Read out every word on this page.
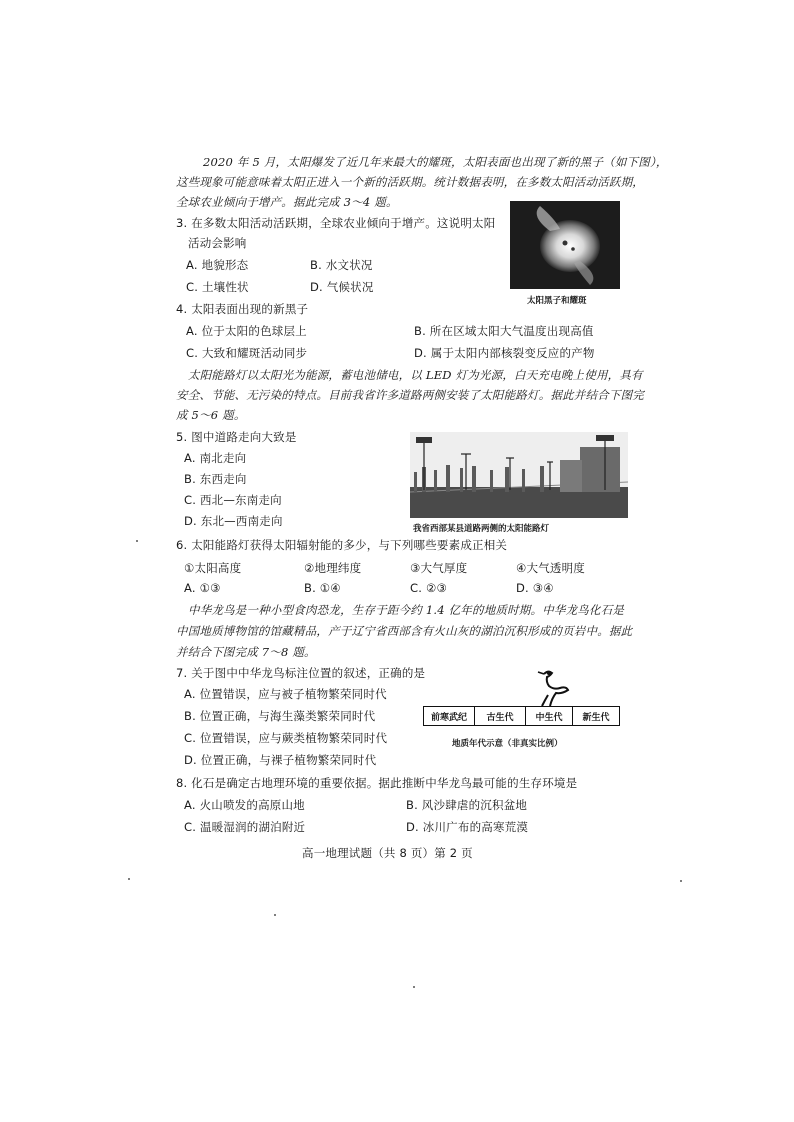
2020 年 5 月，太阳爆发了近几年来最大的耀斑，太阳表面也出现了新的黑子（如下图），
这些现象可能意味着太阳正进入一个新的活跃期。统计数据表明，在多数太阳活动活跃期，
全球农业倾向于增产。据此完成 3～4 题。
3. 在多数太阳活动活跃期，全球农业倾向于增产。这说明太阳
活动会影响
A. 地貌形态	B. 水文状况
C. 土壤性状	D. 气候状况
太阳黑子和耀斑
4. 太阳表面出现的新黑子
A. 位于太阳的色球层上	B. 所在区域太阳大气温度出现高值
C. 大致和耀斑活动同步	D. 属于太阳内部核裂变反应的产物
太阳能路灯以太阳光为能源，蓄电池储电，以 LED 灯为光源，白天充电晚上使用，具有
安全、节能、无污染的特点。目前我省许多道路两侧安装了太阳能路灯。据此并结合下图完
成 5～6 题。
5. 图中道路走向大致是
A. 南北走向
B. 东西走向
C. 西北—东南走向
D. 东北—西南走向
我省西部某县道路两侧的太阳能路灯
6. 太阳能路灯获得太阳辐射能的多少，与下列哪些要素成正相关
①太阳高度	②地理纬度	③大气厚度	④大气透明度
A. ①③	B. ①④	C. ②③	D. ③④
中华龙鸟是一种小型食肉恐龙，生存于距今约 1.4 亿年的地质时期。中华龙鸟化石是
中国地质博物馆的馆藏精品，产于辽宁省西部含有火山灰的湖泊沉积形成的页岩中。据此
并结合下图完成 7～8 题。
7. 关于图中中华龙鸟标注位置的叙述，正确的是
A. 位置错误，应与被子植物繁荣同时代
B. 位置正确，与海生藻类繁荣同时代
C. 位置错误，应与蕨类植物繁荣同时代
D. 位置正确，与裸子植物繁荣同时代
前寒武纪	古生代	中生代	新生代
地质年代示意（非真实比例）
8. 化石是确定古地理环境的重要依据。据此推断中华龙鸟最可能的生存环境是
A. 火山喷发的高原山地	B. 风沙肆虐的沉积盆地
C. 温暖湿润的湖泊附近	D. 冰川广布的高寒荒漠
高一地理试题（共 8 页）第 2 页
